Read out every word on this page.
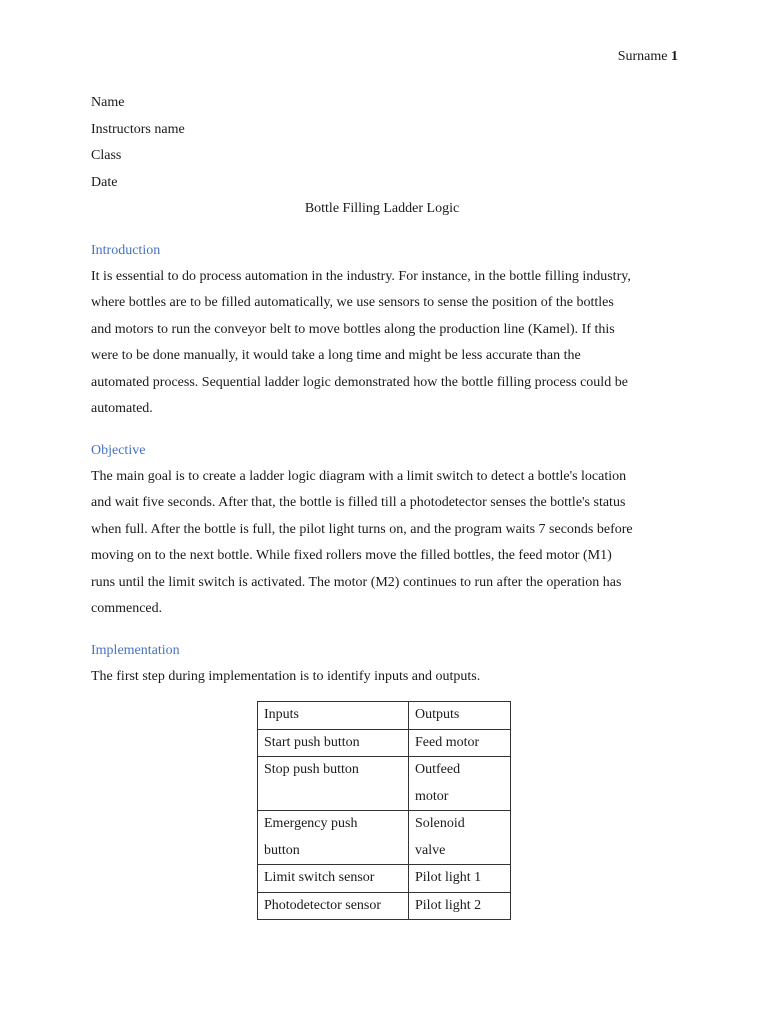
Surname 1
Name
Instructors name
Class
Date
Bottle Filling Ladder Logic
Introduction
It is essential to do process automation in the industry. For instance, in the bottle filling industry,
where bottles are to be filled automatically, we use sensors to sense the position of the bottles
and motors to run the conveyor belt to move bottles along the production line (Kamel). If this
were to be done manually, it would take a long time and might be less accurate than the
automated process. Sequential ladder logic demonstrated how the bottle filling process could be
automated.
Objective
The main goal is to create a ladder logic diagram with a limit switch to detect a bottle's location
and wait five seconds. After that, the bottle is filled till a photodetector senses the bottle's status
when full. After the bottle is full, the pilot light turns on, and the program waits 7 seconds before
moving on to the next bottle. While fixed rollers move the filled bottles, the feed motor (M1)
runs until the limit switch is activated. The motor (M2) continues to run after the operation has
commenced.
Implementation
The first step during implementation is to identify inputs and outputs.
Inputs	Outputs

Start push button	Feed motor

Stop push button	Outfeed
motor

Emergency push
button	Solenoid
valve

Limit switch sensor	Pilot light 1

Photodetector sensor	Pilot light 2
